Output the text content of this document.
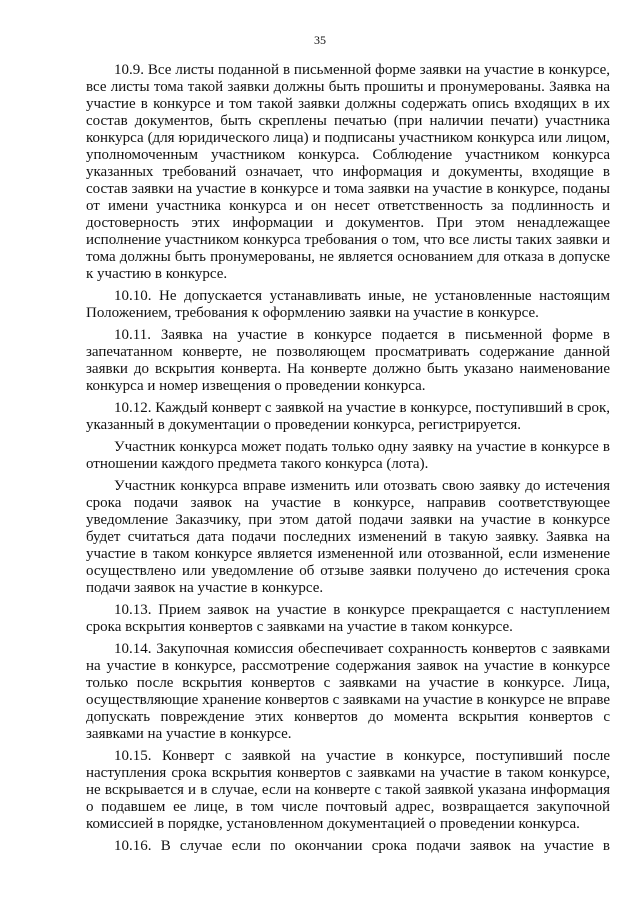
35

10.9. Все листы поданной в письменной форме заявки на участие в конкурсе, все листы тома такой заявки должны быть прошиты и пронумерованы. Заявка на участие в конкурсе и том такой заявки должны содержать опись входящих в их состав документов, быть скреплены печатью (при наличии печати) участника конкурса (для юридического лица) и подписаны участником конкурса или лицом, уполномоченным участником конкурса. Соблюдение участником конкурса указанных требований означает, что информация и документы, входящие в состав заявки на участие в конкурсе и тома заявки на участие в конкурсе, поданы от имени участника конкурса и он несет ответственность за подлинность и достоверность этих информации и документов. При этом ненадлежащее исполнение участником конкурса требования о том, что все листы таких заявки и тома должны быть пронумерованы, не является основанием для отказа в допуске к участию в конкурсе.

10.10. Не допускается устанавливать иные, не установленные настоящим Положением, требования к оформлению заявки на участие в конкурсе.

10.11. Заявка на участие в конкурсе подается в письменной форме в запечатанном конверте, не позволяющем просматривать содержание данной заявки до вскрытия конверта. На конверте должно быть указано наименование конкурса и номер извещения о проведении конкурса.

10.12. Каждый конверт с заявкой на участие в конкурсе, поступивший в срок, указанный в документации о проведении конкурса, регистрируется.

Участник конкурса может подать только одну заявку на участие в конкурсе в отношении каждого предмета такого конкурса (лота).

Участник конкурса вправе изменить или отозвать свою заявку до истечения срока подачи заявок на участие в конкурсе, направив соответствующее уведомление Заказчику, при этом датой подачи заявки на участие в конкурсе будет считаться дата подачи последних изменений в такую заявку. Заявка на участие в таком конкурсе является измененной или отозванной, если изменение осуществлено или уведомление об отзыве заявки получено до истечения срока подачи заявок на участие в конкурсе.

10.13. Прием заявок на участие в конкурсе прекращается с наступлением срока вскрытия конвертов с заявками на участие в таком конкурсе.

10.14. Закупочная комиссия обеспечивает сохранность конвертов с заявками на участие в конкурсе, рассмотрение содержания заявок на участие в конкурсе только после вскрытия конвертов с заявками на участие в конкурсе. Лица, осуществляющие хранение конвертов с заявками на участие в конкурсе не вправе допускать повреждение этих конвертов до момента вскрытия конвертов с заявками на участие в конкурсе.

10.15. Конверт с заявкой на участие в конкурсе, поступивший после наступления срока вскрытия конвертов с заявками на участие в таком конкурсе, не вскрывается и в случае, если на конверте с такой заявкой указана информация о подавшем ее лице, в том числе почтовый адрес, возвращается закупочной комиссией в порядке, установленном документацией о проведении конкурса.

10.16. В случае если по окончании срока подачи заявок на участие в
